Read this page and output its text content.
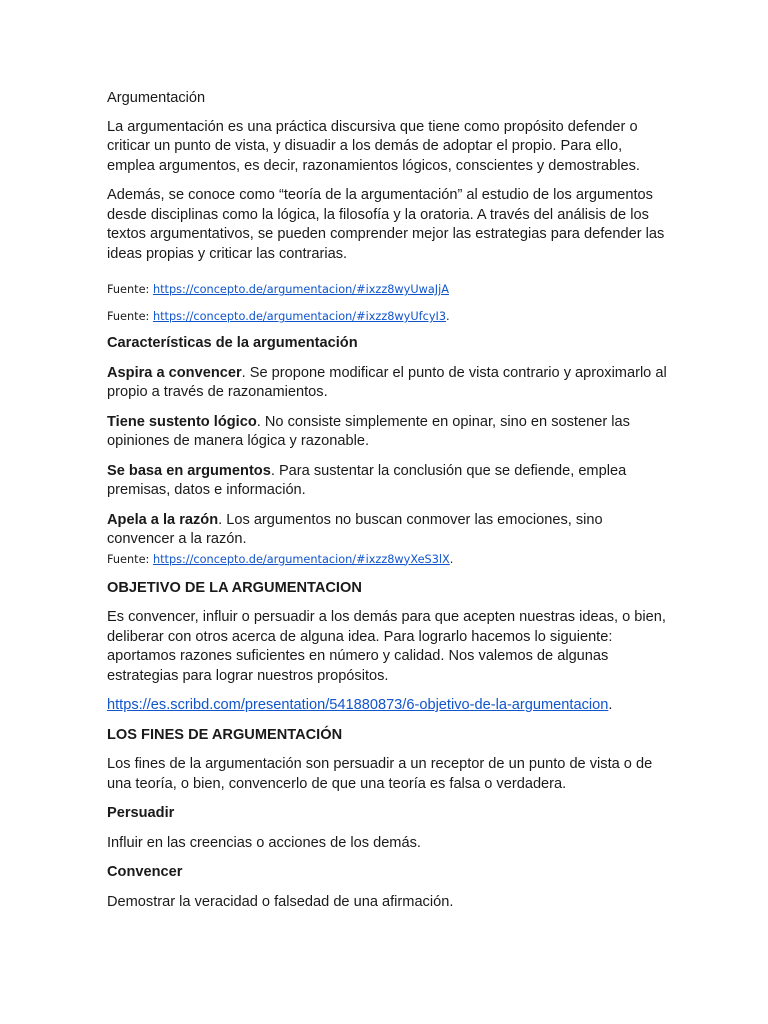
Argumentación

La argumentación es una práctica discursiva que tiene como propósito defender o criticar un punto de vista, y disuadir a los demás de adoptar el propio. Para ello, emplea argumentos, es decir, razonamientos lógicos, conscientes y demostrables.

Además, se conoce como “teoría de la argumentación” al estudio de los argumentos desde disciplinas como la lógica, la filosofía y la oratoria. A través del análisis de los textos argumentativos, se pueden comprender mejor las estrategias para defender las ideas propias y criticar las contrarias.

Fuente: https://concepto.de/argumentacion/#ixzz8wyUwaJjA

Fuente: https://concepto.de/argumentacion/#ixzz8wyUfcyI3.

Características de la argumentación

Aspira a convencer. Se propone modificar el punto de vista contrario y aproximarlo al propio a través de razonamientos.

Tiene sustento lógico. No consiste simplemente en opinar, sino en sostener las opiniones de manera lógica y razonable.

Se basa en argumentos. Para sustentar la conclusión que se defiende, emplea premisas, datos e información.

Apela a la razón. Los argumentos no buscan conmover las emociones, sino convencer a la razón.

Fuente: https://concepto.de/argumentacion/#ixzz8wyXeS3lX.

OBJETIVO DE LA ARGUMENTACION

Es convencer, influir o persuadir a los demás para que acepten nuestras ideas, o bien, deliberar con otros acerca de alguna idea. Para lograrlo hacemos lo siguiente: aportamos razones suficientes en número y calidad. Nos valemos de algunas estrategias para lograr nuestros propósitos.

https://es.scribd.com/presentation/541880873/6-objetivo-de-la-argumentacion.

LOS FINES DE ARGUMENTACIÓN

Los fines de la argumentación son persuadir a un receptor de un punto de vista o de una teoría, o bien, convencerlo de que una teoría es falsa o verdadera.

Persuadir

Influir en las creencias o acciones de los demás.

Convencer

Demostrar la veracidad o falsedad de una afirmación.
